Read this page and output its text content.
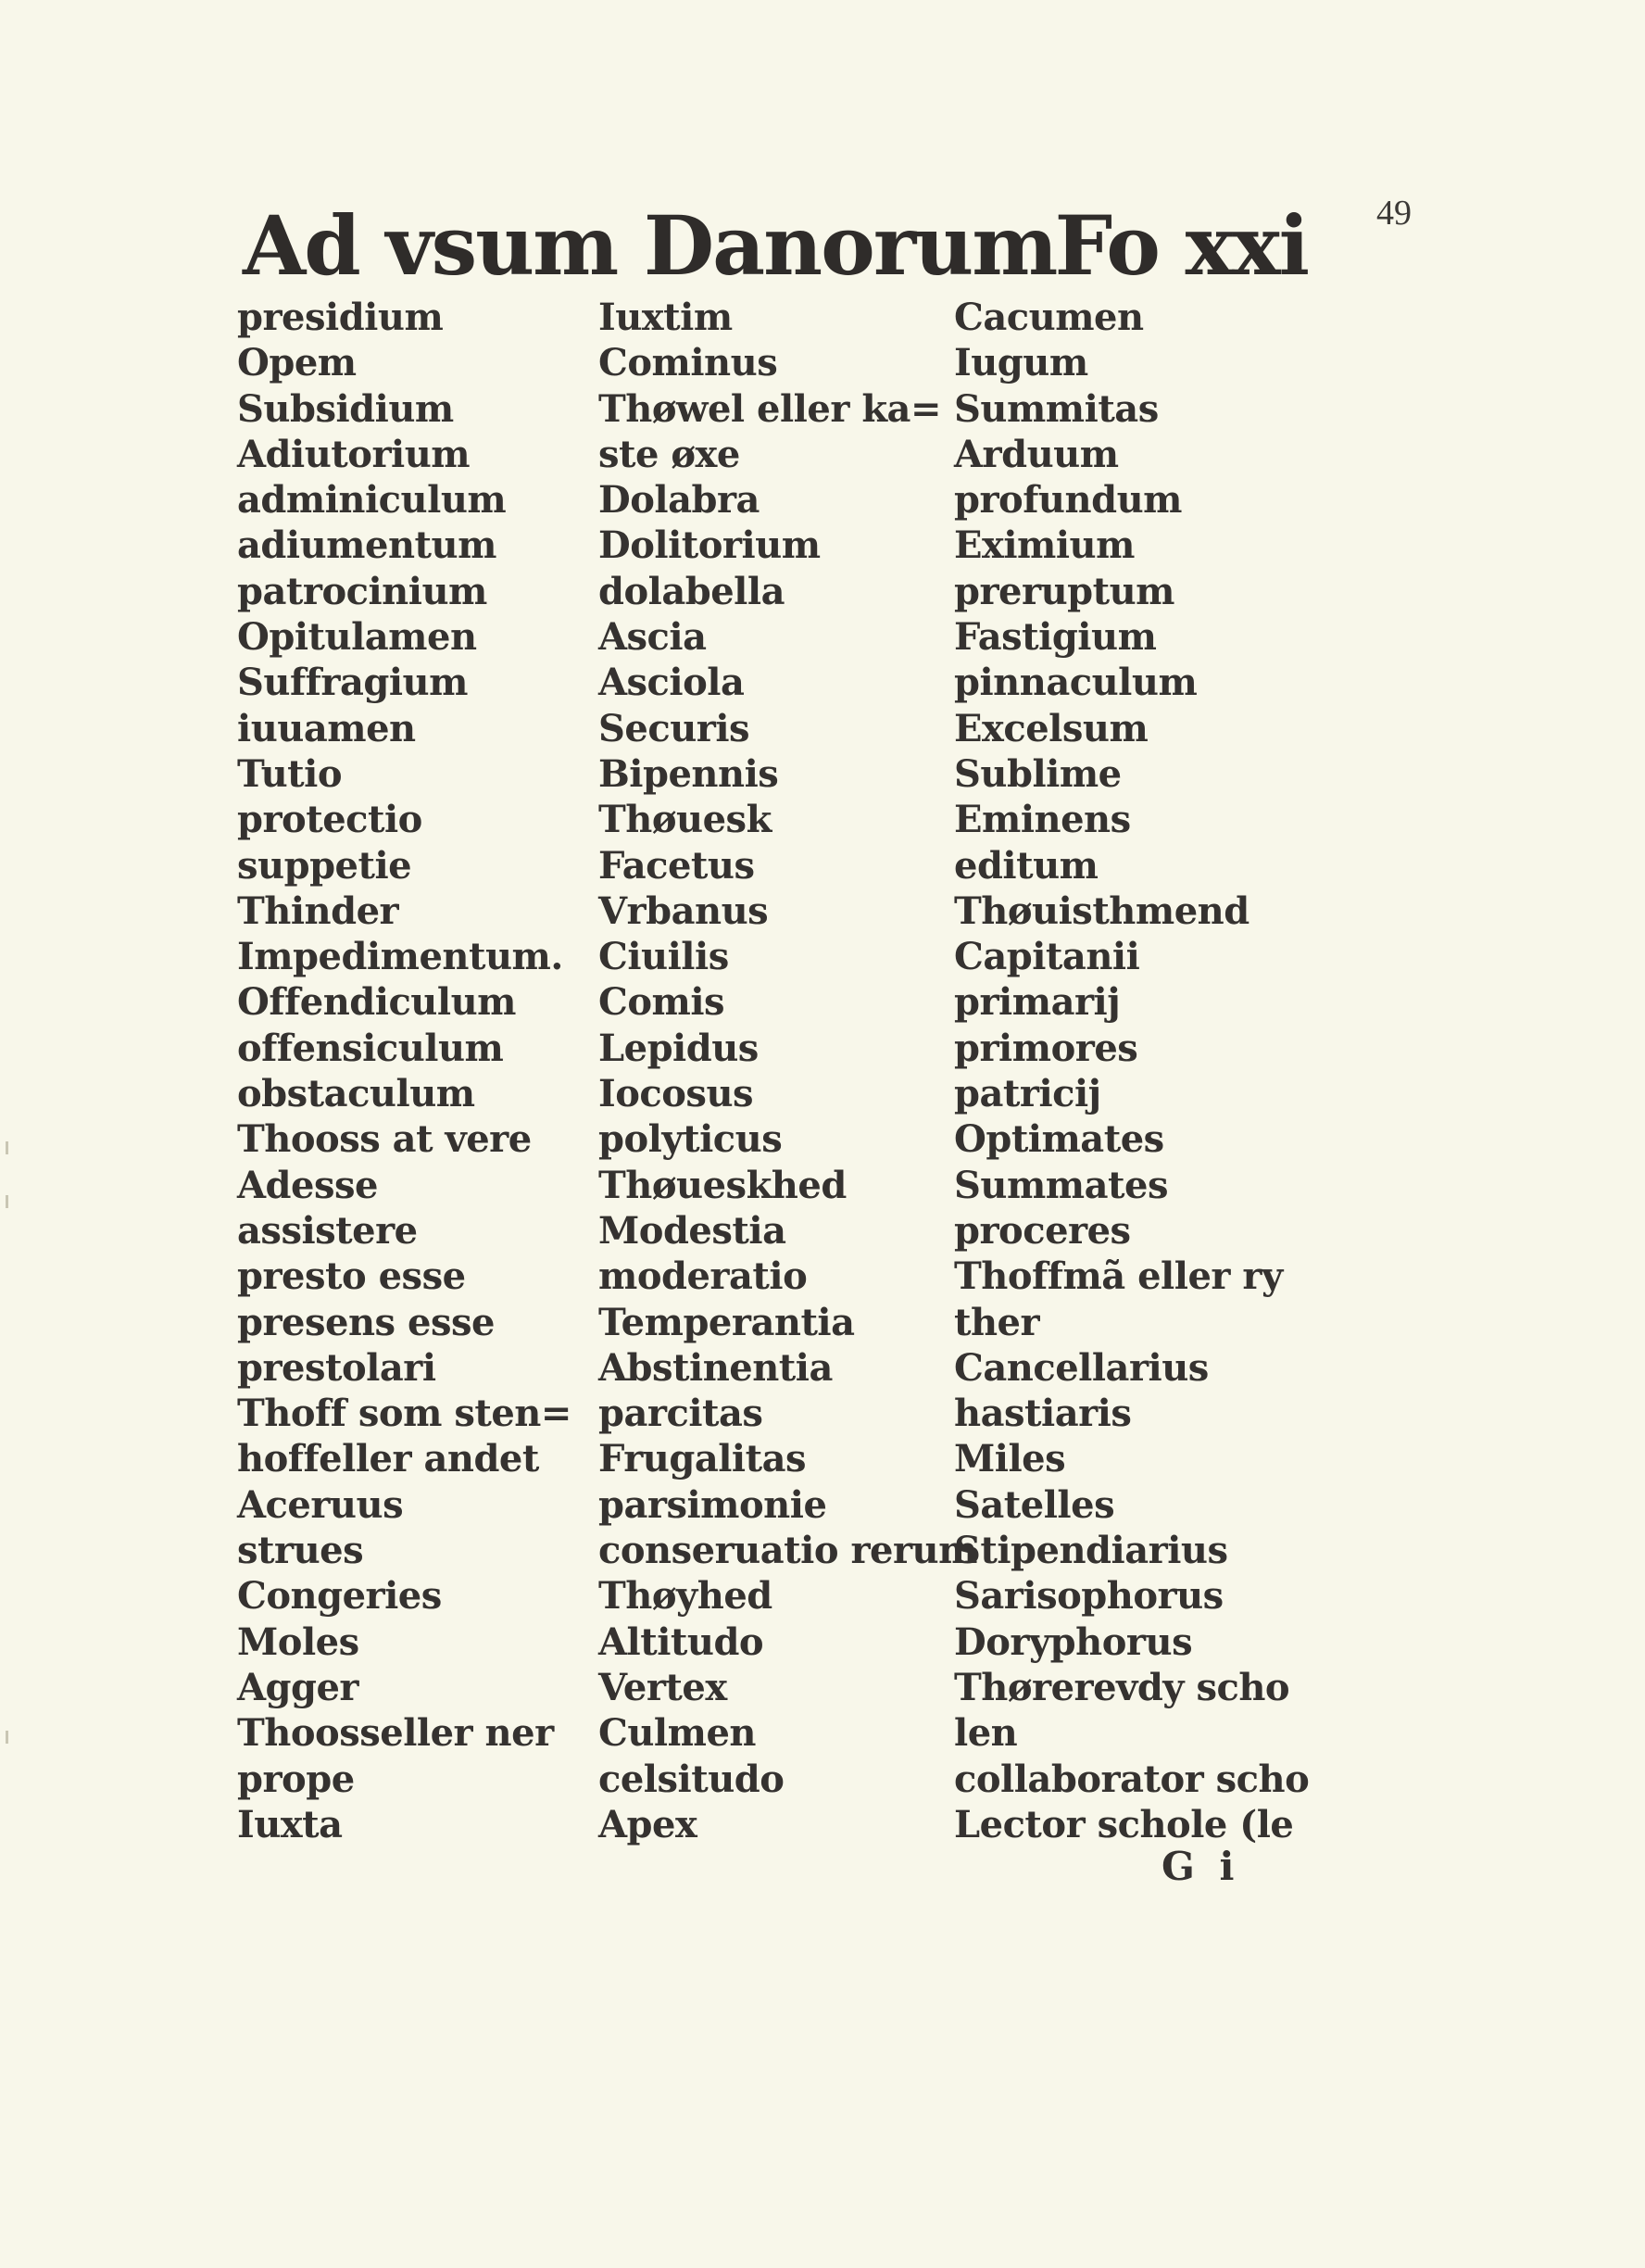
49
Ad vsum Danorum
Fo xxi
presidium
Opem
Subsidium
Adiutorium
adminiculum
adiumentum
patrocinium
Opitulamen
Suffragium
iuuamen
Tutio
protectio
suppetie
Thinder
Impedimentum.
Offendiculum
offensiculum
obstaculum
Thooss at vere
Adesse
assistere
presto esse
presens esse
prestolari
Thoff som sten=
hoffeller andet
Aceruus
strues
Congeries
Moles
Agger
Thoosseller ner
prope
Iuxta
Iuxtim
Cominus
Thøwel eller ka=
ste øxe
Dolabra
Dolitorium
dolabella
Ascia
Asciola
Securis
Bipennis
Thøuesk
Facetus
Vrbanus
Ciuilis
Comis
Lepidus
Iocosus
polyticus
Thøueskhed
Modestia
moderatio
Temperantia
Abstinentia
parcitas
Frugalitas
parsimonie
conseruatio rerum
Thøyhed
Altitudo
Vertex
Culmen
celsitudo
Apex
Cacumen
Iugum
Summitas
Arduum
profundum
Eximium
preruptum
Fastigium
pinnaculum
Excelsum
Sublime
Eminens
editum
Thøuisthmend
Capitanii
primarij
primores
patricij
Optimates
Summates
proceres
Thoffmã eller ry
ther
Cancellarius
hastiaris
Miles
Satelles
Stipendiarius
Sarisophorus
Doryphorus
Thørerevdy scho
len
collaborator scho
Lector schole (le
G i
